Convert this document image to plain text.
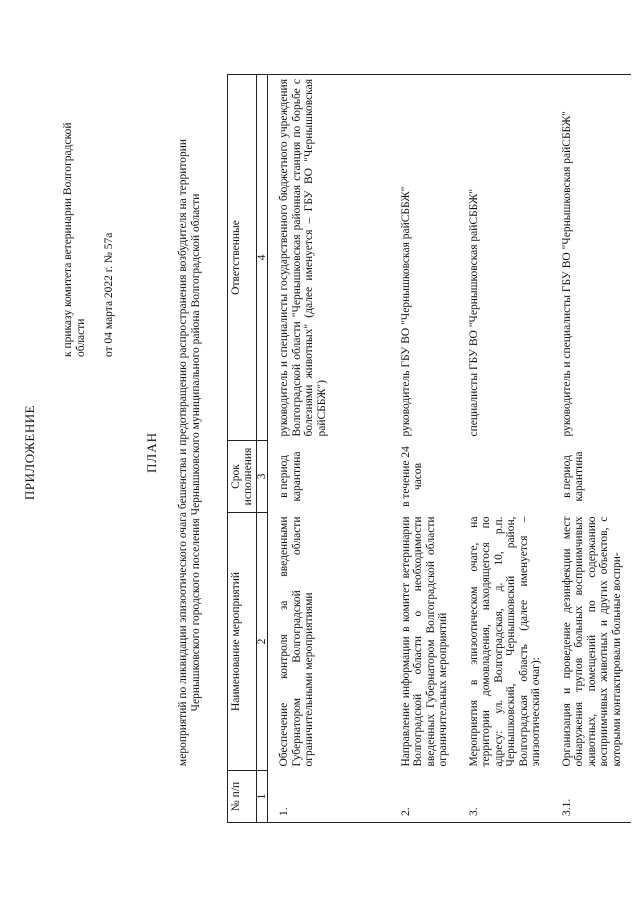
ПРИЛОЖЕНИЕ
к приказу комитета ветеринарии Волгоградской области от 04 марта 2022 г. № 57а
ПЛАН мероприятий по ликвидации эпизоотического очага бешенства и предотвращению распространения возбудителя на территории Чернышковского городского поселения Чернышковского муниципального района Волгоградской области
№ п/п	Наименование мероприятий	Срок исполнения	Ответственные
1	2	3	4
1.	Обеспечение контроля за введенными Губернатором Волгоградской области ограничительными мероприятиями	в период карантина	руководитель и специалисты государственного бюджетного учреждения Волгоградской области "Чернышковская районная станция по борьбе с болезнями животных" (далее именуется – ГБУ ВО "Чернышковская райСББЖ")
2.	Направление информации в комитет ветеринарии Волгоградской области о необходимости введенных Губернатором Волгоградской области ограничительных мероприятий	в течение 24 часов	руководитель ГБУ ВО "Чернышковская райСББЖ"
3.	Мероприятия в эпизоотическом очаге, на территории домовладения, находящегося по адресу: ул. Волгоградская, д. 10, р.п. Чернышковский, Чернышковский район, Волгоградская область (далее именуется – эпизоотический очаг):		специалисты ГБУ ВО "Чернышковская райСББЖ"
3.1.	Организация и проведение дезинфекции мест обнаружения трупов больных восприимчивых животных, помещений по содержанию восприимчивых животных и других объектов, с которыми контактировали больные воспри-	в период карантина	руководитель и специалисты ГБУ ВО "Чернышковская райСББЖ"
